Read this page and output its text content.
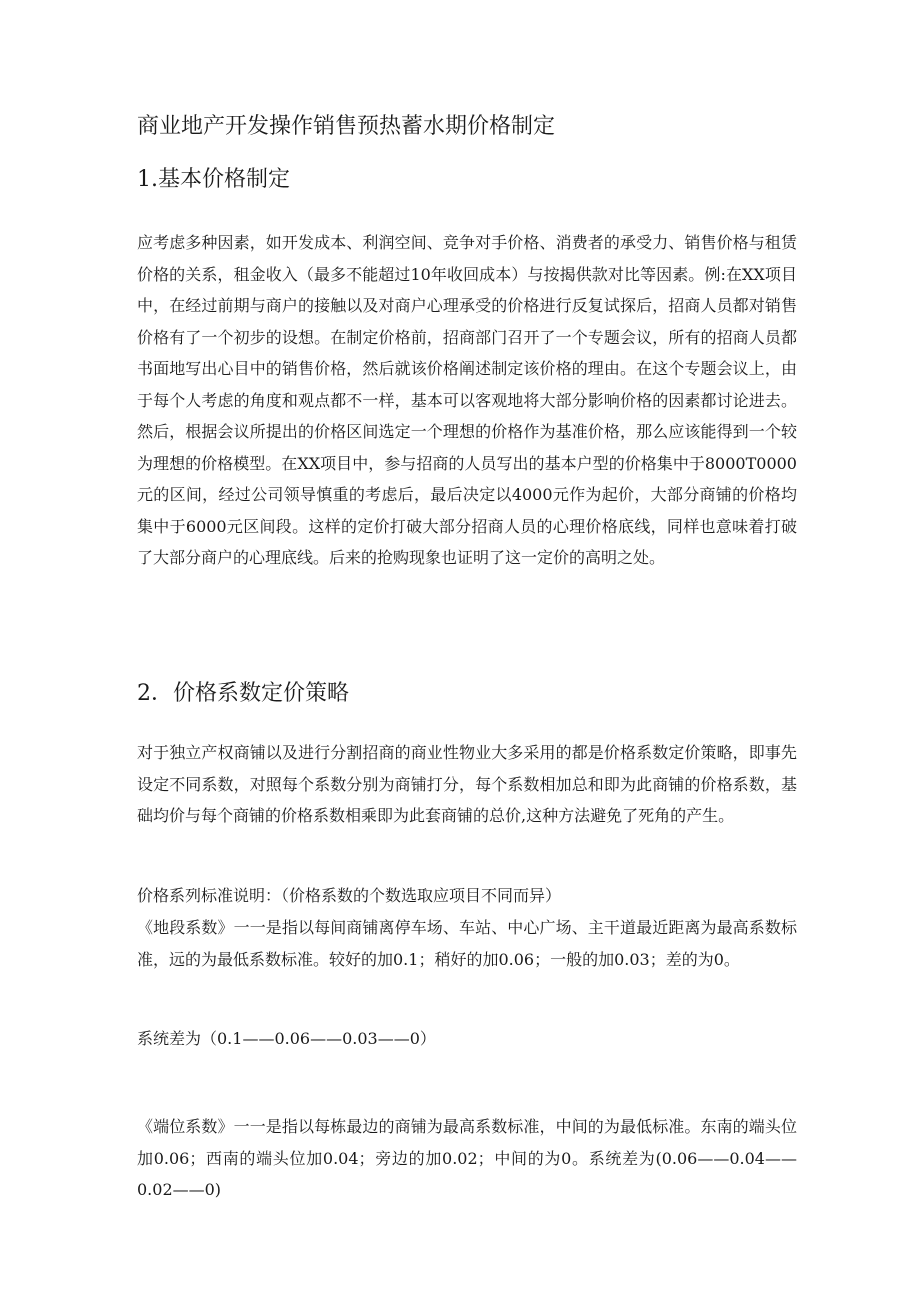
商业地产开发操作销售预热蓄水期价格制定
1.基本价格制定

应考虑多种因素，如开发成本、利润空间、竞争对手价格、消费者的承受力、销售价格与租赁价格的关系，租金收入（最多不能超过10年收回成本）与按揭供款对比等因素。例:在XX项目中，在经过前期与商户的接触以及对商户心理承受的价格进行反复试探后，招商人员都对销售价格有了一个初步的设想。在制定价格前，招商部门召开了一个专题会议，所有的招商人员都书面地写出心目中的销售价格，然后就该价格阐述制定该价格的理由。在这个专题会议上，由于每个人考虑的角度和观点都不一样，基本可以客观地将大部分影响价格的因素都讨论进去。然后，根据会议所提出的价格区间选定一个理想的价格作为基准价格，那么应该能得到一个较为理想的价格模型。在XX项目中，参与招商的人员写出的基本户型的价格集中于8000T0000元的区间，经过公司领导慎重的考虑后，最后决定以4000元作为起价，大部分商铺的价格均集中于6000元区间段。这样的定价打破大部分招商人员的心理价格底线，同样也意味着打破了大部分商户的心理底线。后来的抢购现象也证明了这一定价的高明之处。

2．价格系数定价策略

对于独立产权商铺以及进行分割招商的商业性物业大多采用的都是价格系数定价策略，即事先设定不同系数，对照每个系数分别为商铺打分，每个系数相加总和即为此商铺的价格系数，基础均价与每个商铺的价格系数相乘即为此套商铺的总价,这种方法避免了死角的产生。

价格系列标准说明：（价格系数的个数选取应项目不同而异）

《地段系数》一一是指以每间商铺离停车场、车站、中心广场、主干道最近距离为最高系数标准，远的为最低系数标准。较好的加0.1；稍好的加0.06；一般的加0.03；差的为0。

系统差为（0.1——0.06——0.03——0）

《端位系数》一一是指以每栋最边的商铺为最高系数标准，中间的为最低标准。东南的端头位加0.06；西南的端头位加0.04；旁边的加0.02；中间的为0。系统差为(0.06——0.04——0.02——0)
